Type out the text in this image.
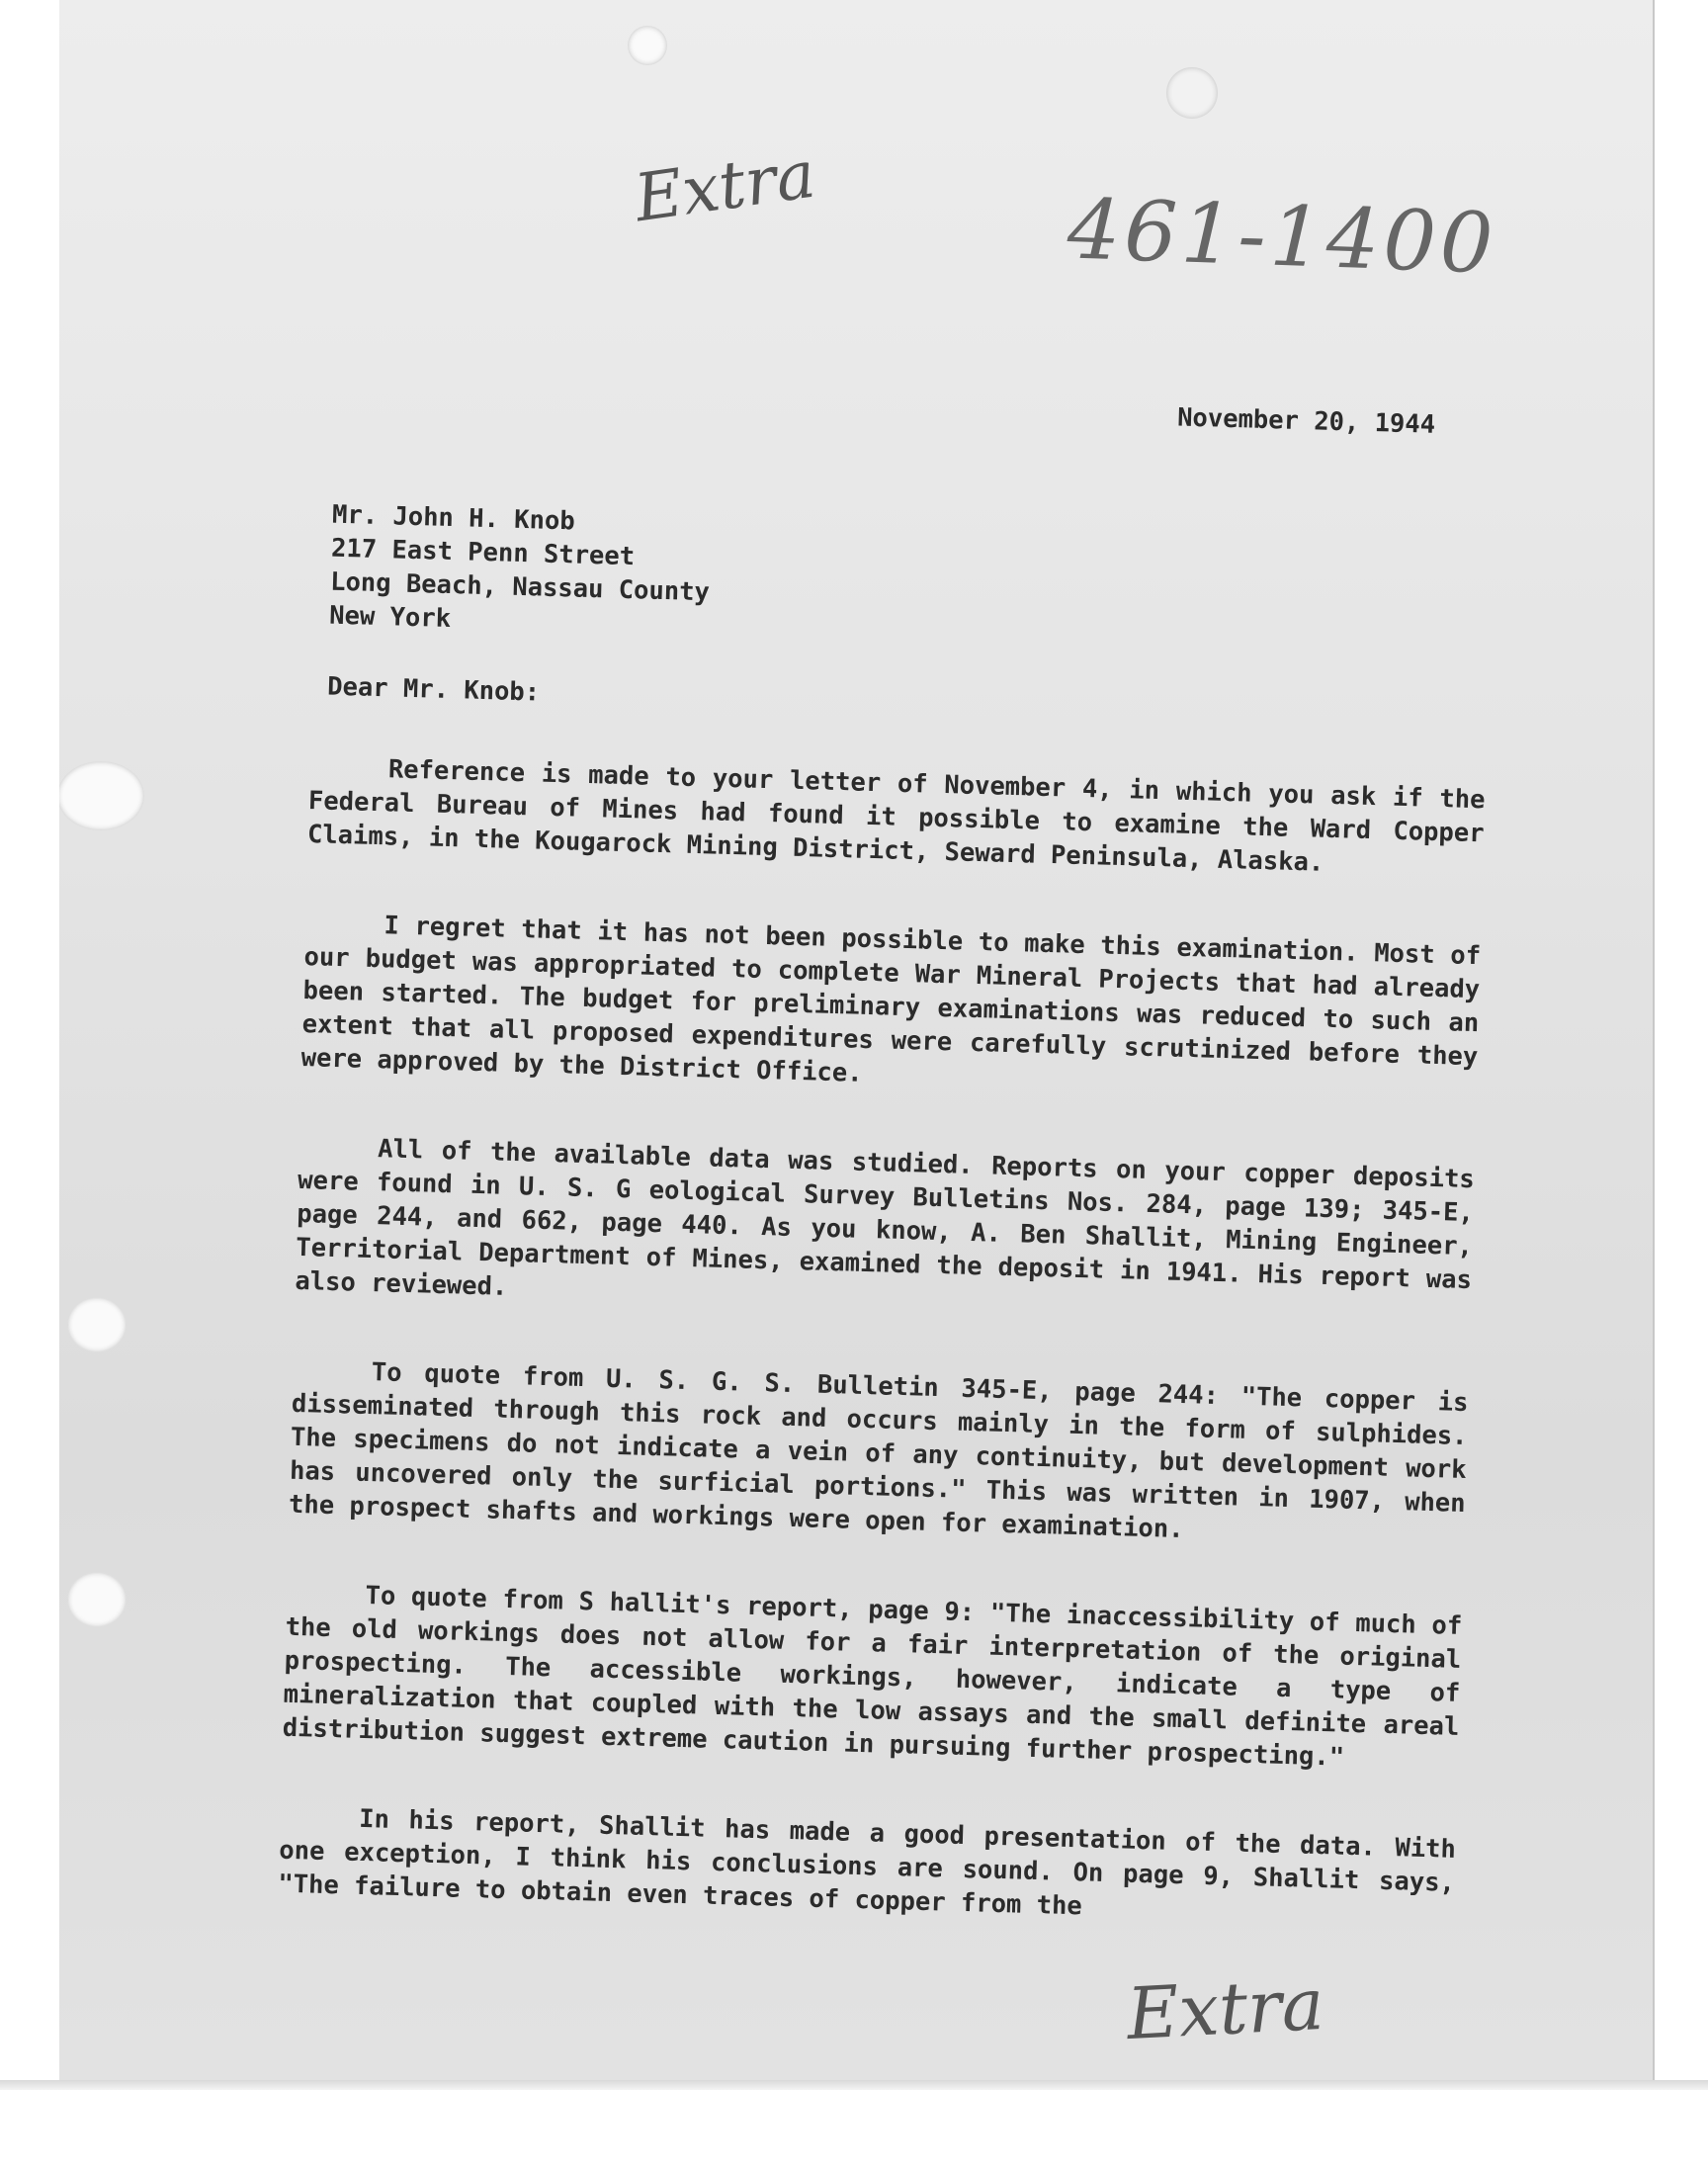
Extra	461-1400
November 20, 1944
Mr. John H. Knob
217 East Penn Street
Long Beach, Nassau County
New York
Dear Mr. Knob:

Reference is made to your letter of November 4, in which you ask if the Federal Bureau of Mines had found it possible to examine the Ward Copper Claims, in the Kougarock Mining District, Seward Peninsula, Alaska.

I regret that it has not been possible to make this examination. Most of our budget was appropriated to complete War Mineral Projects that had already been started. The budget for preliminary examinations was reduced to such an extent that all proposed expenditures were carefully scrutinized before they were approved by the District Office.

All of the available data was studied. Reports on your copper deposits were found in U. S. G eological Survey Bulletins Nos. 284, page 139; 345-E, page 244, and 662, page 440. As you know, A. Ben Shallit, Mining Engineer, Territorial Department of Mines, examined the deposit in 1941. His report was also reviewed.

To quote from U. S. G. S. Bulletin 345-E, page 244: "The copper is disseminated through this rock and occurs mainly in the form of sulphides. The specimens do not indicate a vein of any continuity, but development work has uncovered only the surficial portions." This was written in 1907, when the prospect shafts and workings were open for examination.

To quote from S hallit's report, page 9: "The inaccessibility of much of the old workings does not allow for a fair interpretation of the original prospecting. The accessible workings, however, indicate a type of mineralization that coupled with the low assays and the small definite areal distribution suggest extreme caution in pursuing further prospecting."

In his report, Shallit has made a good presentation of the data. With one exception, I think his conclusions are sound. On page 9, Shallit says, "The failure to obtain even traces of copper from the

Extra
